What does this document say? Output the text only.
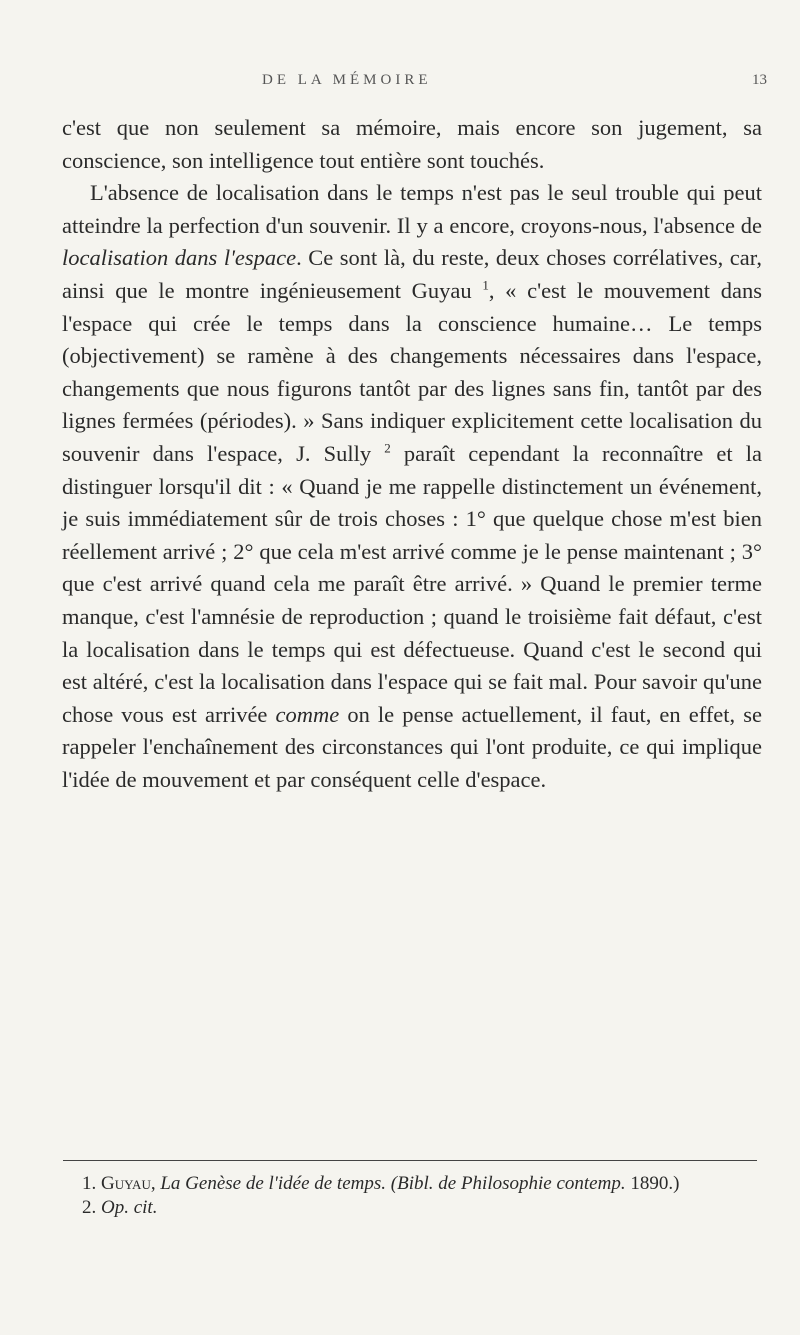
DE LA MÉMOIRE	13

c'est que non seulement sa mémoire, mais encore son jugement, sa conscience, son intelligence tout entière sont touchés.

L'absence de localisation dans le temps n'est pas le seul trouble qui peut atteindre la perfection d'un souvenir. Il y a encore, croyons-nous, l'absence de localisation dans l'espace. Ce sont là, du reste, deux choses corrélatives, car, ainsi que le montre ingénieusement Guyau $^1$, « c'est le mouvement dans l'espace qui crée le temps dans la conscience humaine… Le temps (objectivement) se ramène à des changements nécessaires dans l'espace, changements que nous figurons tantôt par des lignes sans fin, tantôt par des lignes fermées (périodes). » Sans indiquer explicitement cette localisation du souvenir dans l'espace, J. Sully $^2$ paraît cependant la reconnaître et la distinguer lorsqu'il dit : « Quand je me rappelle distinctement un événement, je suis immédiatement sûr de trois choses : 1° que quelque chose m'est bien réellement arrivé ; 2° que cela m'est arrivé comme je le pense maintenant ; 3° que c'est arrivé quand cela me paraît être arrivé. » Quand le premier terme manque, c'est l'amnésie de reproduction ; quand le troisième fait défaut, c'est la localisation dans le temps qui est défectueuse. Quand c'est le second qui est altéré, c'est la localisation dans l'espace qui se fait mal. Pour savoir qu'une chose vous est arrivée comme on le pense actuellement, il faut, en effet, se rappeler l'enchaînement des circonstances qui l'ont produite, ce qui implique l'idée de mouvement et par conséquent celle d'espace.

1. Guyau, La Genèse de l'idée de temps. (Bibl. de Philosophie contemp. 1890.)

2. Op. cit.
